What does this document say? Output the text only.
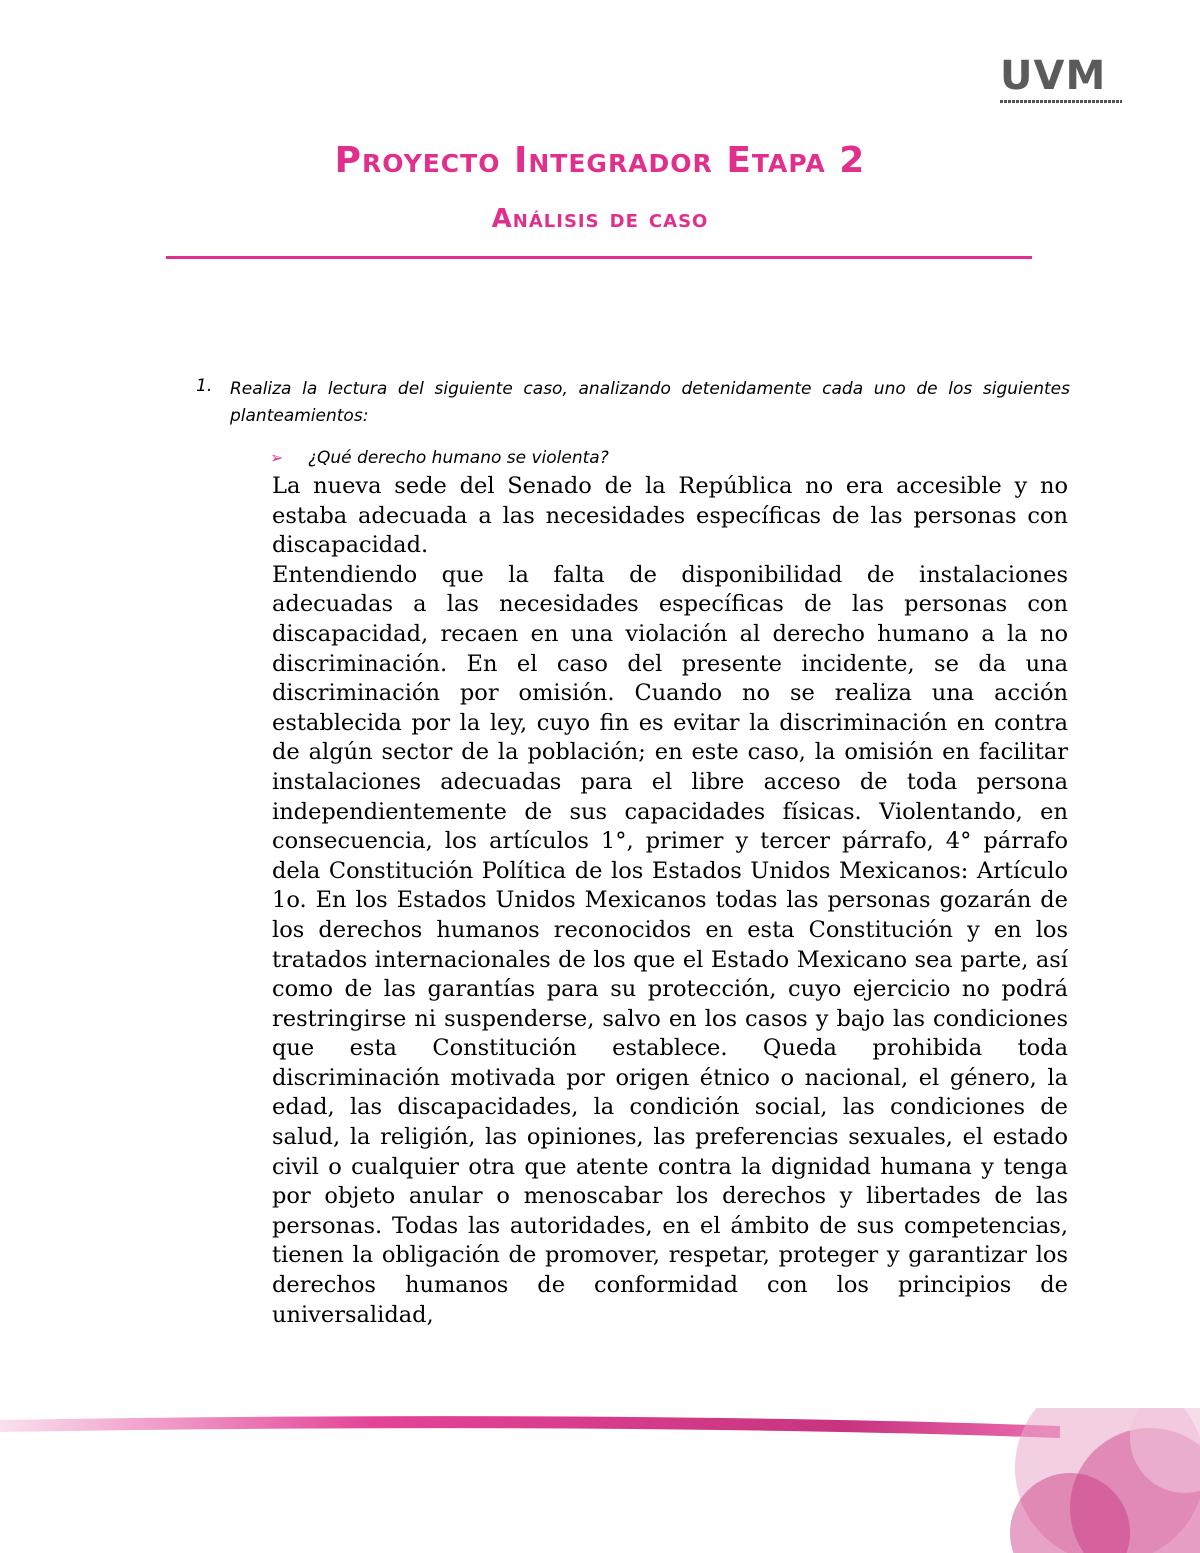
UVM
Proyecto Integrador Etapa 2
Análisis de caso
1. Realiza la lectura del siguiente caso, analizando detenidamente cada uno de los siguientes planteamientos:
➢ ¿Qué derecho humano se violenta?

La nueva sede del Senado de la República no era accesible y no estaba adecuada a las necesidades específicas de las personas con discapacidad.

Entendiendo que la falta de disponibilidad de instalaciones adecuadas a las necesidades específicas de las personas con discapacidad, recaen en una violación al derecho humano a la no discriminación. En el caso del presente incidente, se da una discriminación por omisión. Cuando no se realiza una acción establecida por la ley, cuyo fin es evitar la discriminación en contra de algún sector de la población; en este caso, la omisión en facilitar instalaciones adecuadas para el libre acceso de toda persona independientemente de sus capacidades físicas. Violentando, en consecuencia, los artículos 1°, primer y tercer párrafo, 4° párrafo dela Constitución Política de los Estados Unidos Mexicanos: Artículo 1o. En los Estados Unidos Mexicanos todas las personas gozarán de los derechos humanos reconocidos en esta Constitución y en los tratados internacionales de los que el Estado Mexicano sea parte, así como de las garantías para su protección, cuyo ejercicio no podrá restringirse ni suspenderse, salvo en los casos y bajo las condiciones que esta Constitución establece. Queda prohibida toda discriminación motivada por origen étnico o nacional, el género, la edad, las discapacidades, la condición social, las condiciones de salud, la religión, las opiniones, las preferencias sexuales, el estado civil o cualquier otra que atente contra la dignidad humana y tenga por objeto anular o menoscabar los derechos y libertades de las personas. Todas las autoridades, en el ámbito de sus competencias, tienen la obligación de promover, respetar, proteger y garantizar los derechos humanos de conformidad con los principios de universalidad,
